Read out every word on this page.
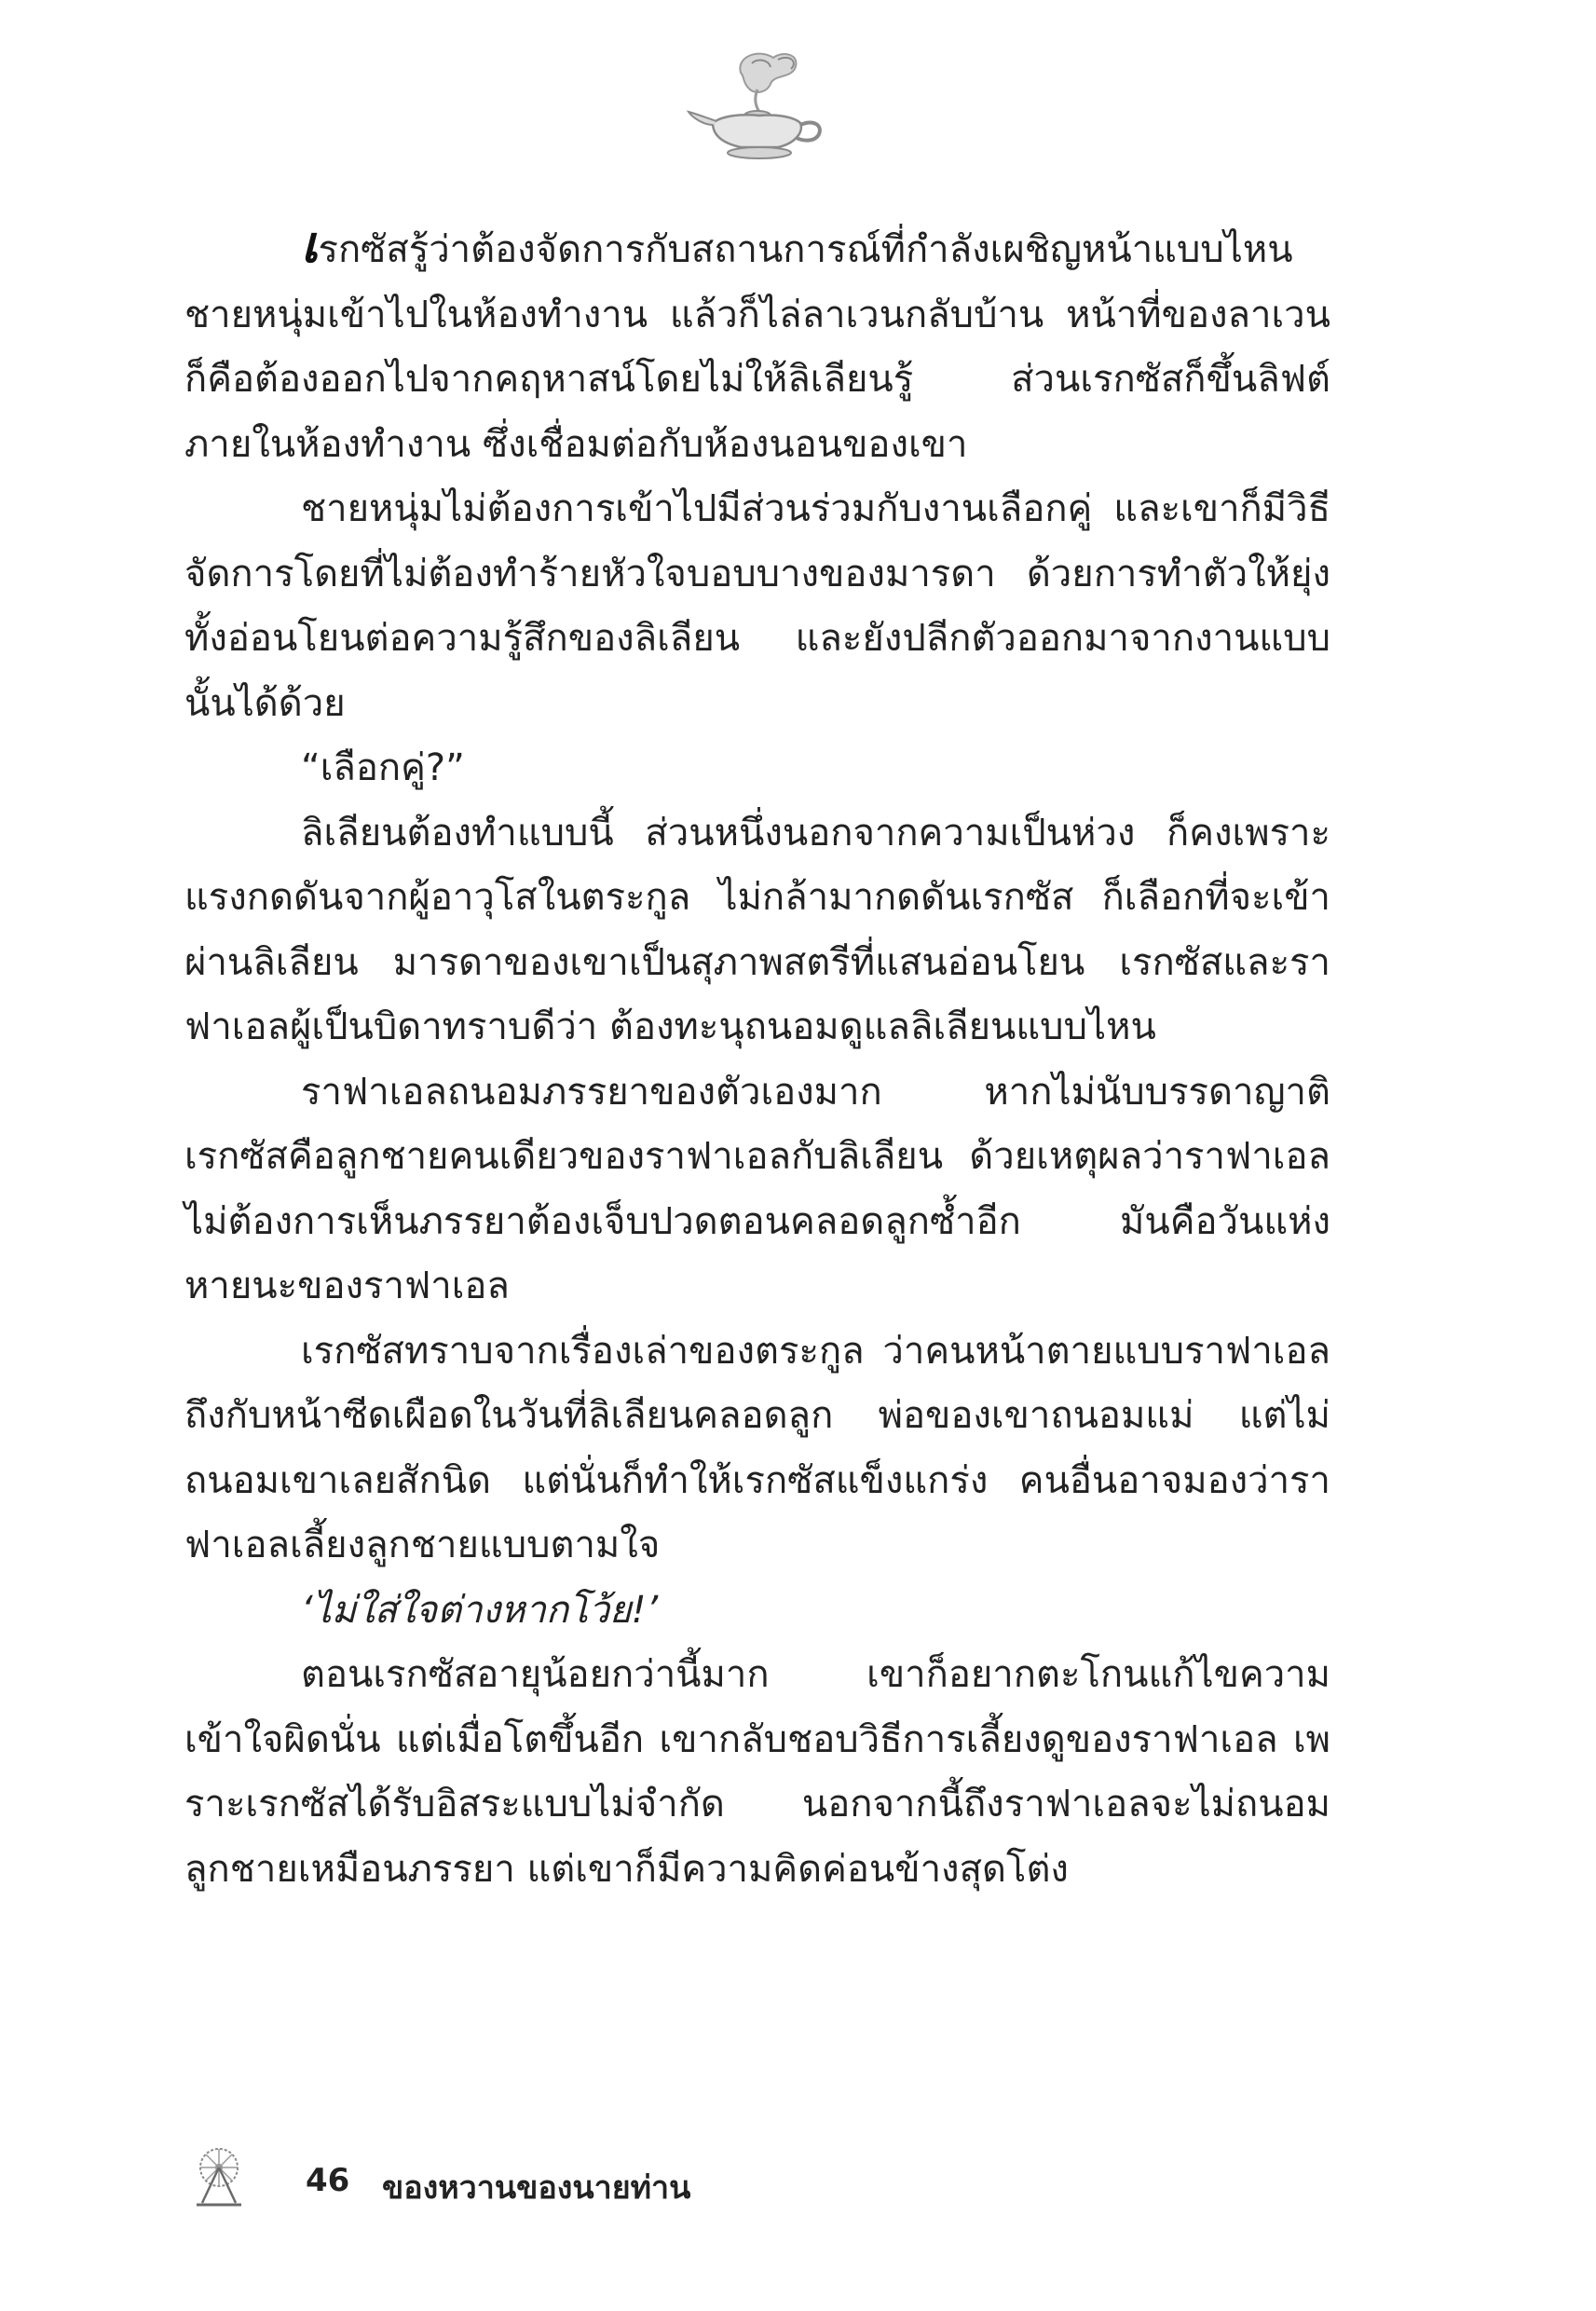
เรกซัสรู้ว่าต้องจัดการกับสถานการณ์ที่กำลังเผชิญหน้าแบบไหน ชายหนุ่มเข้าไปในห้องทำงาน แล้วก็ไล่ลาเวนกลับบ้าน หน้าที่ของลาเวนก็คือต้องออกไปจากคฤหาสน์โดยไม่ให้ลิเลียนรู้ ส่วนเรกซัสก็ขึ้นลิฟต์ภายในห้องทำงาน ซึ่งเชื่อมต่อกับห้องนอนของเขา

ชายหนุ่มไม่ต้องการเข้าไปมีส่วนร่วมกับงานเลือกคู่ และเขาก็มีวิธีจัดการโดยที่ไม่ต้องทำร้ายหัวใจบอบบางของมารดา ด้วยการทำตัวให้ยุ่ง ทั้งอ่อนโยนต่อความรู้สึกของลิเลียน และยังปลีกตัวออกมาจากงานแบบนั้นได้ด้วย

“เลือกคู่?”

ลิเลียนต้องทำแบบนี้ ส่วนหนึ่งนอกจากความเป็นห่วง ก็คงเพราะแรงกดดันจากผู้อาวุโสในตระกูล ไม่กล้ามากดดันเรกซัส ก็เลือกที่จะเข้าผ่านลิเลียน มารดาของเขาเป็นสุภาพสตรีที่แสนอ่อนโยน เรกซัสและราฟาเอลผู้เป็นบิดาทราบดีว่า ต้องทะนุถนอมดูแลลิเลียนแบบไหน

ราฟาเอลถนอมภรรยาของตัวเองมาก หากไม่นับบรรดาญาติ เรกซัสคือลูกชายคนเดียวของราฟาเอลกับลิเลียน ด้วยเหตุผลว่าราฟาเอลไม่ต้องการเห็นภรรยาต้องเจ็บปวดตอนคลอดลูกซ้ำอีก มันคือวันแห่งหายนะของราฟาเอล

เรกซัสทราบจากเรื่องเล่าของตระกูล ว่าคนหน้าตายแบบราฟาเอลถึงกับหน้าซีดเผือดในวันที่ลิเลียนคลอดลูก พ่อของเขาถนอมแม่ แต่ไม่ถนอมเขาเลยสักนิด แต่นั่นก็ทำให้เรกซัสแข็งแกร่ง คนอื่นอาจมองว่าราฟาเอลเลี้ยงลูกชายแบบตามใจ

‘ไม่ใส่ใจต่างหากโว้ย!’

ตอนเรกซัสอายุน้อยกว่านี้มาก เขาก็อยากตะโกนแก้ไขความเข้าใจผิดนั่น แต่เมื่อโตขึ้นอีก เขากลับชอบวิธีการเลี้ยงดูของราฟาเอล เพราะเรกซัสได้รับอิสระแบบไม่จำกัด นอกจากนี้ถึงราฟาเอลจะไม่ถนอมลูกชายเหมือนภรรยา แต่เขาก็มีความคิดค่อนข้างสุดโต่ง

46 ของหวานของนายท่าน
